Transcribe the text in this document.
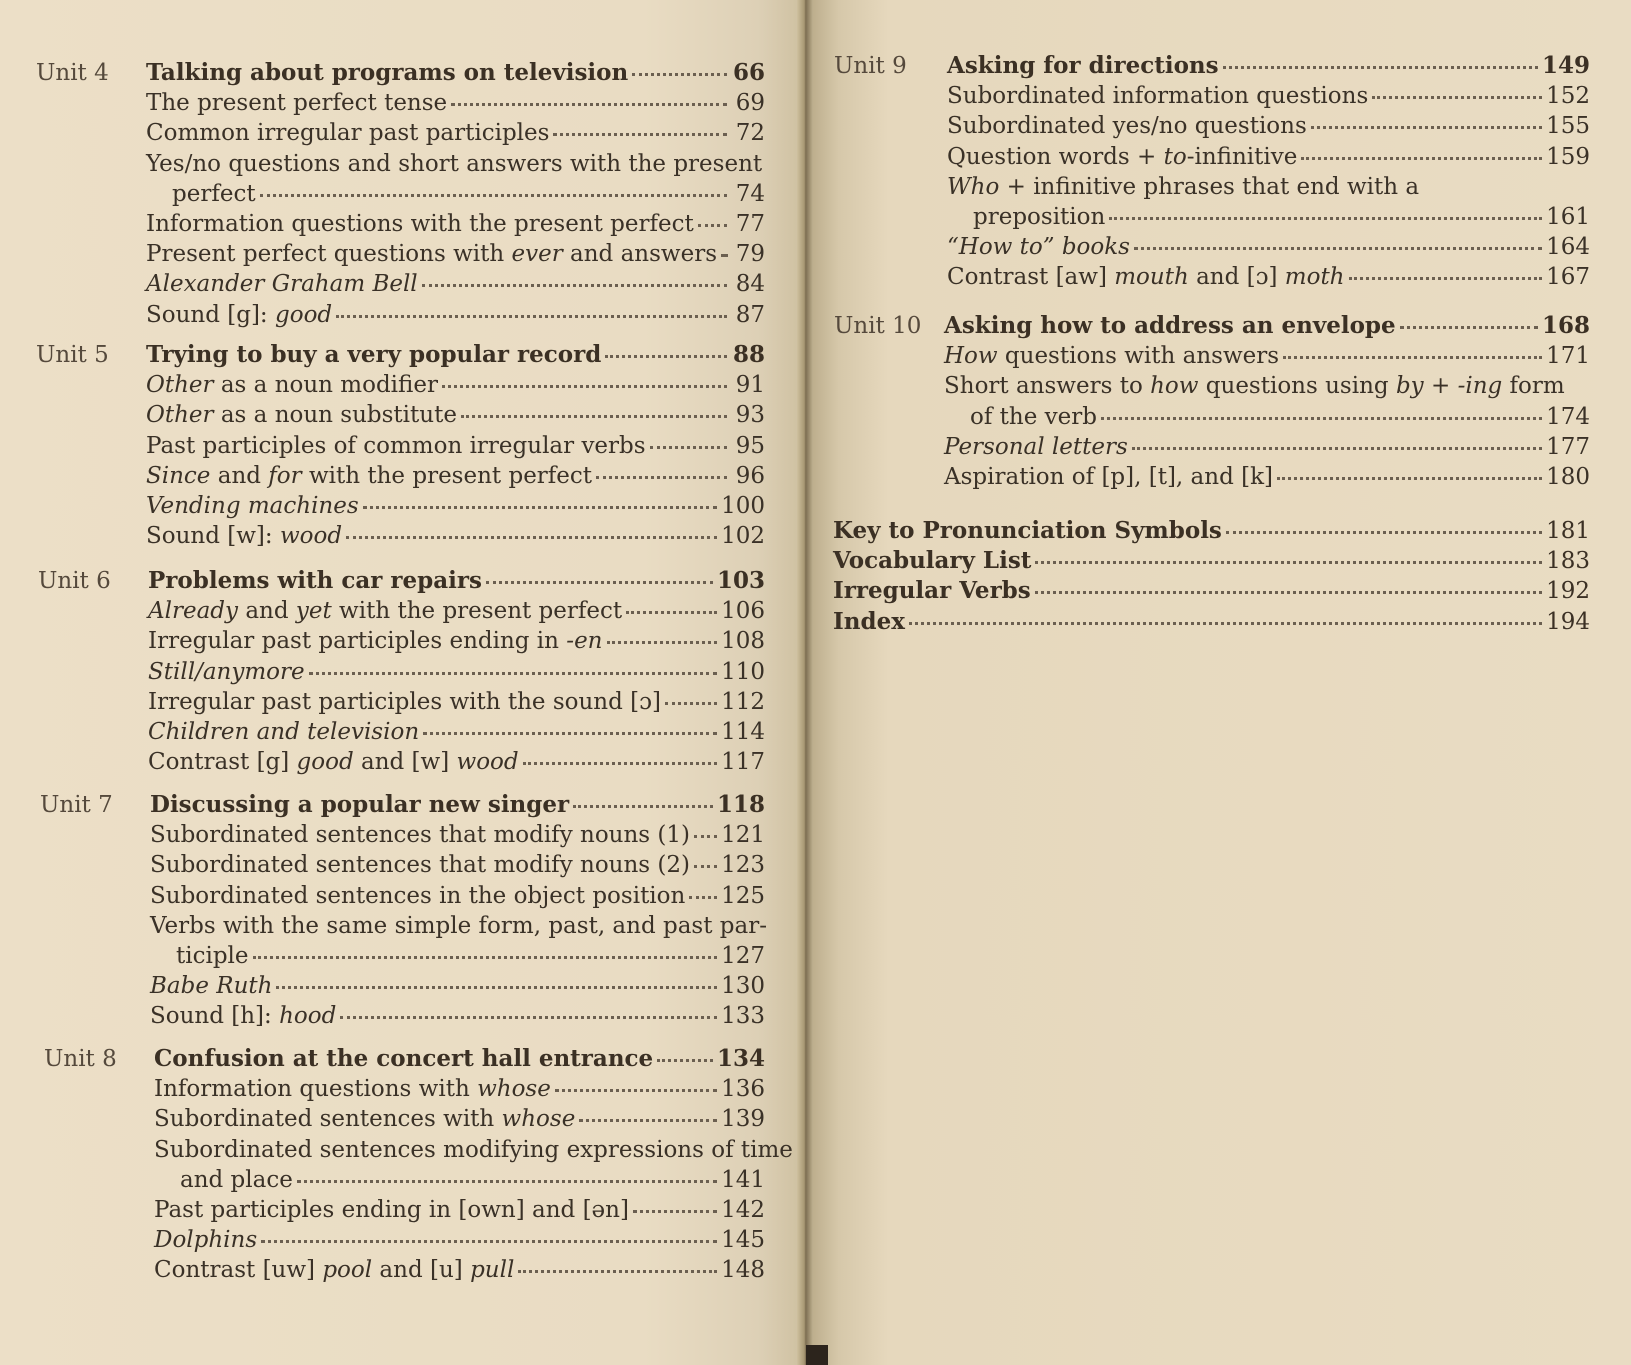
Unit 4 Talking about programs on television	66
The present perfect tense	69
Common irregular past participles	72
Yes/no questions and short answers with the present
perfect	74
Information questions with the present perfect 77
Present perfect questions with ever and answers 79
Alexander Graham Bell	84
Sound [g]: good	87
Unit 5 Trying to buy a very popular record	88
Other as a noun modifier	91
Other as a noun substitute	93
Past participles of common irregular verbs	95
Since and for with the present perfect	96
Vending machines	100
Sound [w]: wood	102
Unit 6 Problems with car repairs	103
Already and yet with the present perfect	106
Irregular past participles ending in -en	108
Still/anymore	110
Irregular past participles with the sound [ɔ]	112
Children and television	114
Contrast [g] good and [w] wood	117
Unit 7 Discussing a popular new singer	118
Subordinated sentences that modify nouns (1) 121
Subordinated sentences that modify nouns (2) 123
Subordinated sentences in the object position 125
Verbs with the same simple form, past, and past par-
ticiple	127
Babe Ruth	130
Sound [h]: hood	133
Unit 8 Confusion at the concert hall entrance	134
Information questions with whose	136
Subordinated sentences with whose	139
Subordinated sentences modifying expressions of time
and place	141
Past participles ending in [own] and [ən]	142
Dolphins	145
Contrast [uw] pool and [u] pull	148
Unit 9 Asking for directions	149
Subordinated information questions	152
Subordinated yes/no questions	155
Question words + to-infinitive	159
Who + infinitive phrases that end with a
preposition	161
“How to” books	164
Contrast [aw] mouth and [ɔ] moth	167
Unit 10 Asking how to address an envelope	168
How questions with answers	171
Short answers to how questions using by + -ing form
of the verb	174
Personal letters	177
Aspiration of [p], [t], and [k]	180
Key to Pronunciation Symbols	181
Vocabulary List	183
Irregular Verbs	192
Index	194
